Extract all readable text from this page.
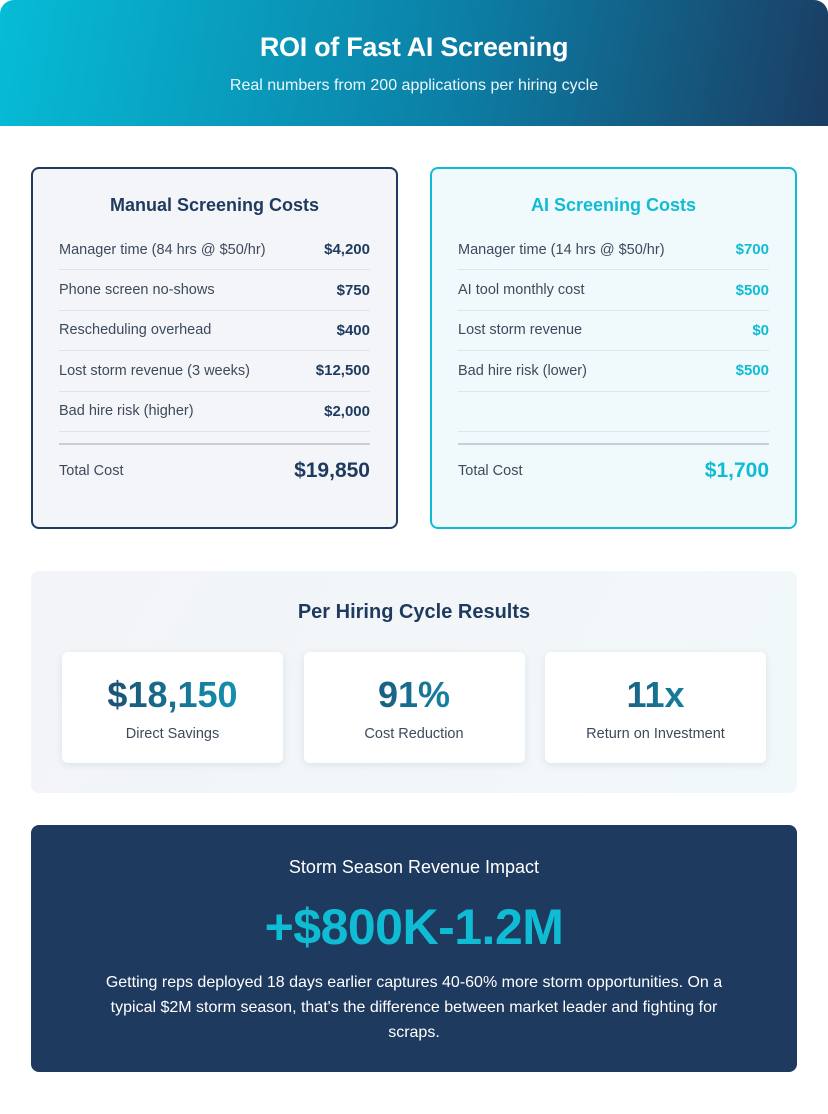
ROI of Fast AI Screening

Real numbers from 200 applications per hiring cycle

Manual Screening Costs
Manager time (84 hrs @ $50/hr)	$4,200
Phone screen no-shows	$750
Rescheduling overhead	$400
Lost storm revenue (3 weeks)	$12,500
Bad hire risk (higher)	$2,000
Total Cost	$19,850
AI Screening Costs
Manager time (14 hrs @ $50/hr)	$700
AI tool monthly cost	$500
Lost storm revenue	$0
Bad hire risk (lower)	$500
Total Cost	$1,700
Per Hiring Cycle Results
$18,150
Direct Savings
91%
Cost Reduction
11x
Return on Investment
Storm Season Revenue Impact
+$800K-1.2M

Getting reps deployed 18 days earlier captures 40-60% more storm opportunities. On a typical $2M storm season, that's the difference between market leader and fighting for scraps.
